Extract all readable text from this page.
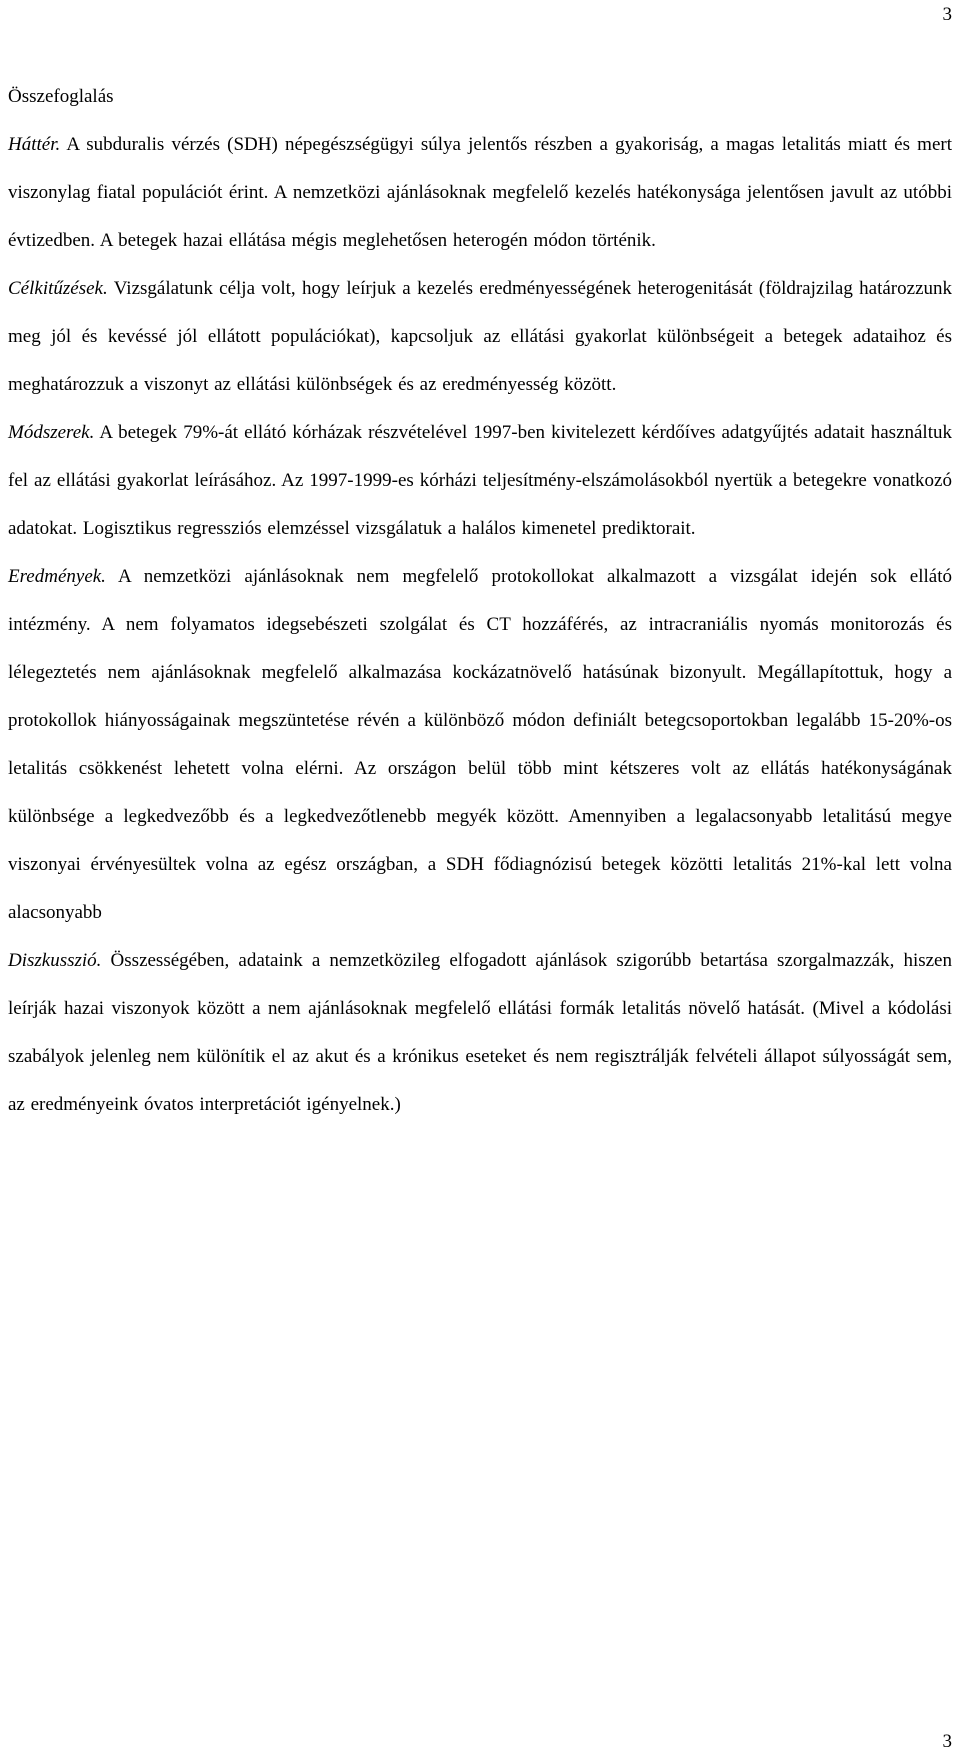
3

Összefoglalás

Háttér. A subduralis vérzés (SDH) népegészségügyi súlya jelentős részben a gyakoriság, a magas letalitás miatt és mert viszonylag fiatal populációt érint. A nemzetközi ajánlásoknak megfelelő kezelés hatékonysága jelentősen javult az utóbbi évtizedben. A betegek hazai ellátása mégis meglehetősen heterogén módon történik.

Célkitűzések. Vizsgálatunk célja volt, hogy leírjuk a kezelés eredményességének heterogenitását (földrajzilag határozzunk meg jól és kevéssé jól ellátott populációkat), kapcsoljuk az ellátási gyakorlat különbségeit a betegek adataihoz és meghatározzuk a viszonyt az ellátási különbségek és az eredményesség között.

Módszerek. A betegek 79%-át ellátó kórházak részvételével 1997-ben kivitelezett kérdőíves adatgyűjtés adatait használtuk fel az ellátási gyakorlat leírásához. Az 1997-1999-es kórházi teljesítmény-elszámolásokból nyertük a betegekre vonatkozó adatokat. Logisztikus regressziós elemzéssel vizsgálatuk a halálos kimenetel prediktorait.

Eredmények. A nemzetközi ajánlásoknak nem megfelelő protokollokat alkalmazott a vizsgálat idején sok ellátó intézmény. A nem folyamatos idegsebészeti szolgálat és CT hozzáférés, az intracraniális nyomás monitorozás és lélegeztetés nem ajánlásoknak megfelelő alkalmazása kockázatnövelő hatásúnak bizonyult. Megállapítottuk, hogy a protokollok hiányosságainak megszüntetése révén a különböző módon definiált betegcsoportokban legalább 15-20%-os letalitás csökkenést lehetett volna elérni. Az országon belül több mint kétszeres volt az ellátás hatékonyságának különbsége a legkedvezőbb és a legkedvezőtlenebb megyék között. Amennyiben a legalacsonyabb letalitású megye viszonyai érvényesültek volna az egész országban, a SDH fődiagnózisú betegek közötti letalitás 21%-kal lett volna alacsonyabb

Diszkusszió. Összességében, adataink a nemzetközileg elfogadott ajánlások szigorúbb betartása szorgalmazzák, hiszen leírják hazai viszonyok között a nem ajánlásoknak megfelelő ellátási formák letalitás növelő hatását. (Mivel a kódolási szabályok jelenleg nem különítik el az akut és a krónikus eseteket és nem regisztrálják felvételi állapot súlyosságát sem, az eredményeink óvatos interpretációt igényelnek.)

3
